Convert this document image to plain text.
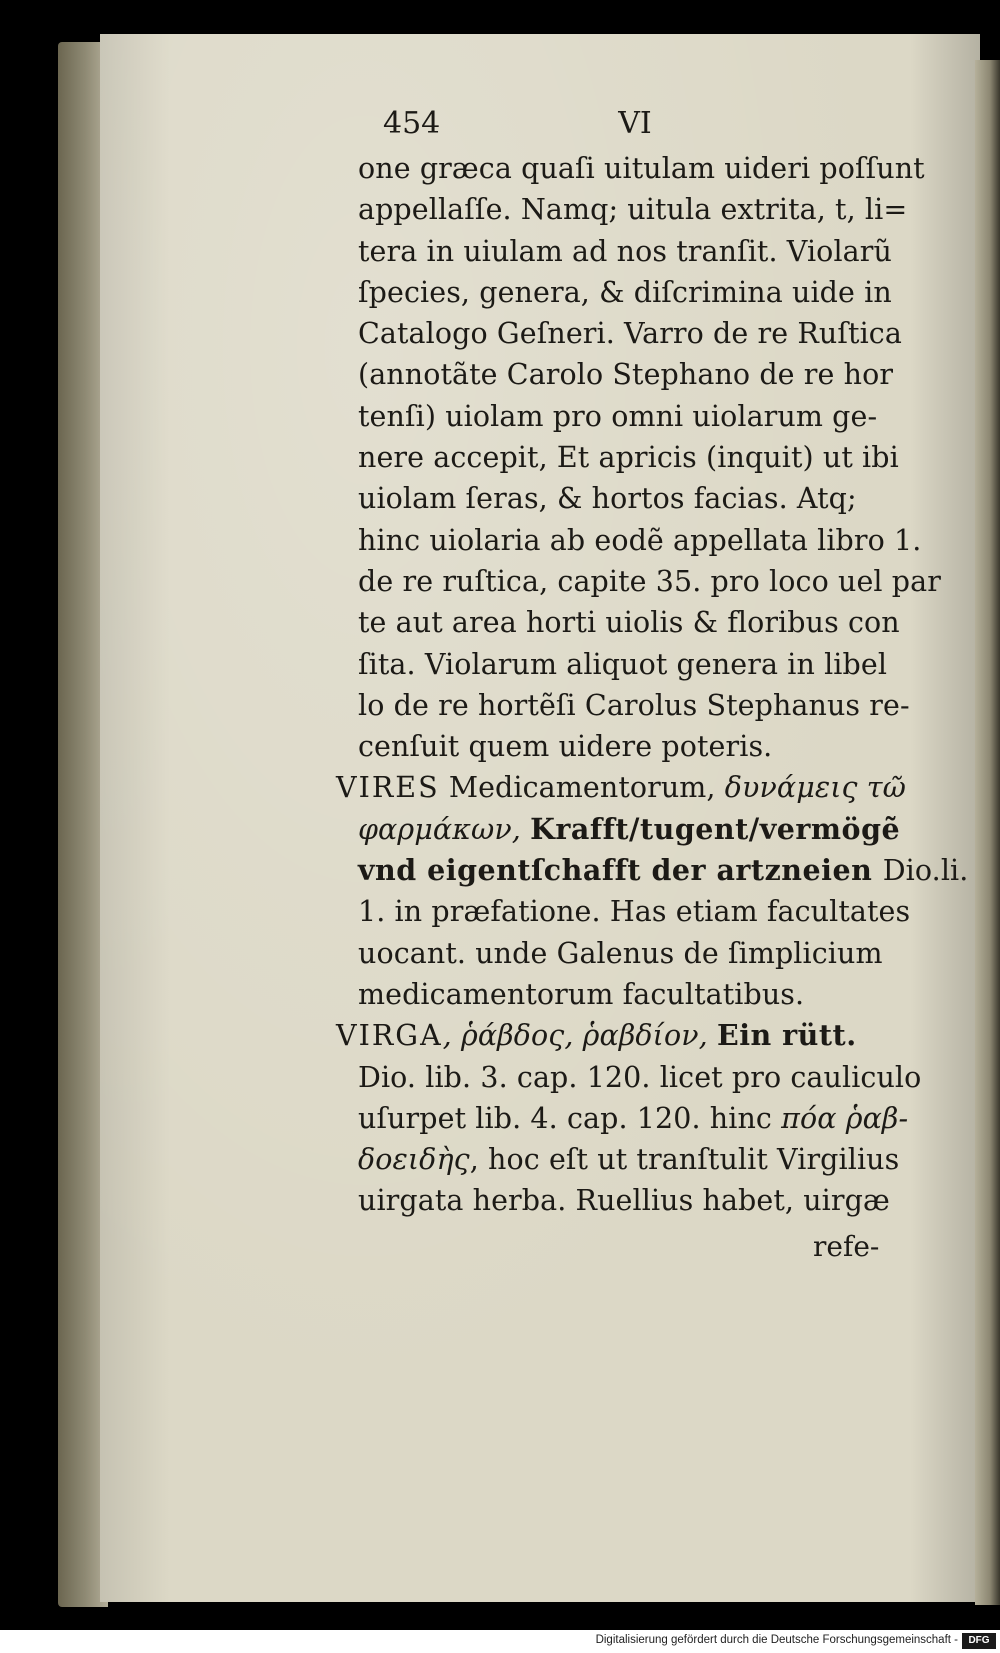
454	VI
one græca quaſi uitulam uideri poſſunt
appellaſſe. Namq; uitula extrita, t, li=
tera in uiulam ad nos tranſit. Violarũ
ſpecies, genera, & diſcrimina uide in
Catalogo Geſneri. Varro de re Ruſtica
(annotãte Carolo Stephano de re hor
tenſi) uiolam pro omni uiolarum ge-
nere accepit, Et apricis (inquit) ut ibi
uiolam ſeras, & hortos facias. Atq;
hinc uiolaria ab eodẽ appellata libro 1.
de re ruſtica, capite 35. pro loco uel par
te aut area horti uiolis & floribus con
ſita. Violarum aliquot genera in libel
lo de re hortẽſi Carolus Stephanus re-
cenſuit quem uidere poteris.
VIRES Medicamentorum, δυνάμεις τῶ
φαρμάκων, Krafft/tugent/vermögẽ
vnd eigentſchafft der artzneien Dio.li.
1. in præfatione. Has etiam facultates
uocant. unde Galenus de ſimplicium
medicamentorum facultatibus.
VIRGA, ῥάβδος, ῥαβδίον, Ein rütt.
Dio. lib. 3. cap. 120. licet pro cauliculo
uſurpet lib. 4. cap. 120. hinc πόα ῥαβ-
δοειδὴς, hoc eſt ut tranſtulit Virgilius
uirgata herba. Ruellius habet, uirgæ
refe-
Digitalisierung gefördert durch die Deutsche Forschungsgemeinschaft -	DFG
